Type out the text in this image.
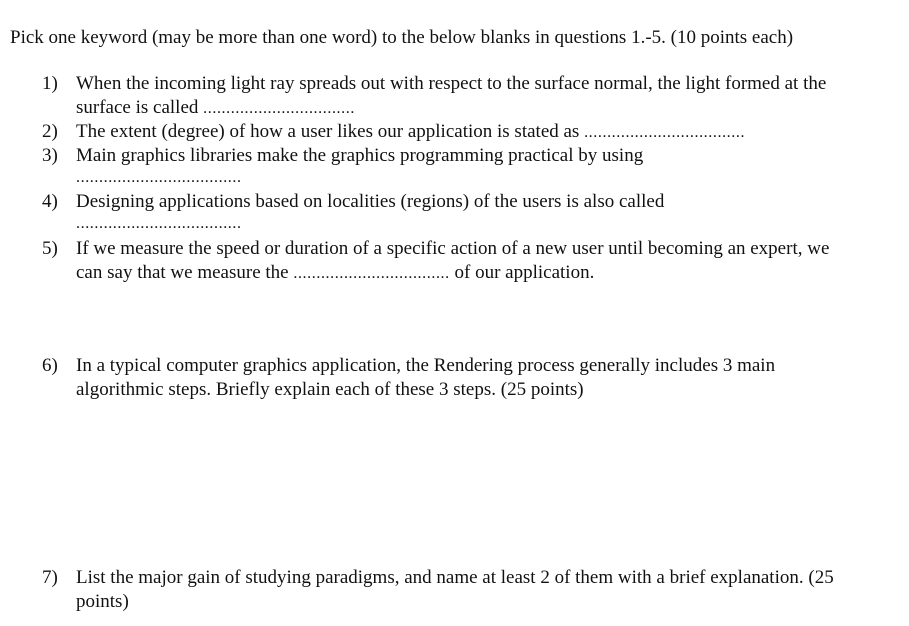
Pick one keyword (may be more than one word) to the below blanks in questions 1.-5. (10 points each)
1) When the incoming light ray spreads out with respect to the surface normal, the light formed at the
surface is called .................................
2) The extent (degree) of how a user likes our application is stated as ...................................
3) Main graphics libraries make the graphics programming practical by using
....................................
4) Designing applications based on localities (regions) of the users is also called
....................................
5) If we measure the speed or duration of a specific action of a new user until becoming an expert, we
can say that we measure the .................................. of our application.
6) In a typical computer graphics application, the Rendering process generally includes 3 main
algorithmic steps. Briefly explain each of these 3 steps. (25 points)
7) List the major gain of studying paradigms, and name at least 2 of them with a brief explanation. (25
points)
